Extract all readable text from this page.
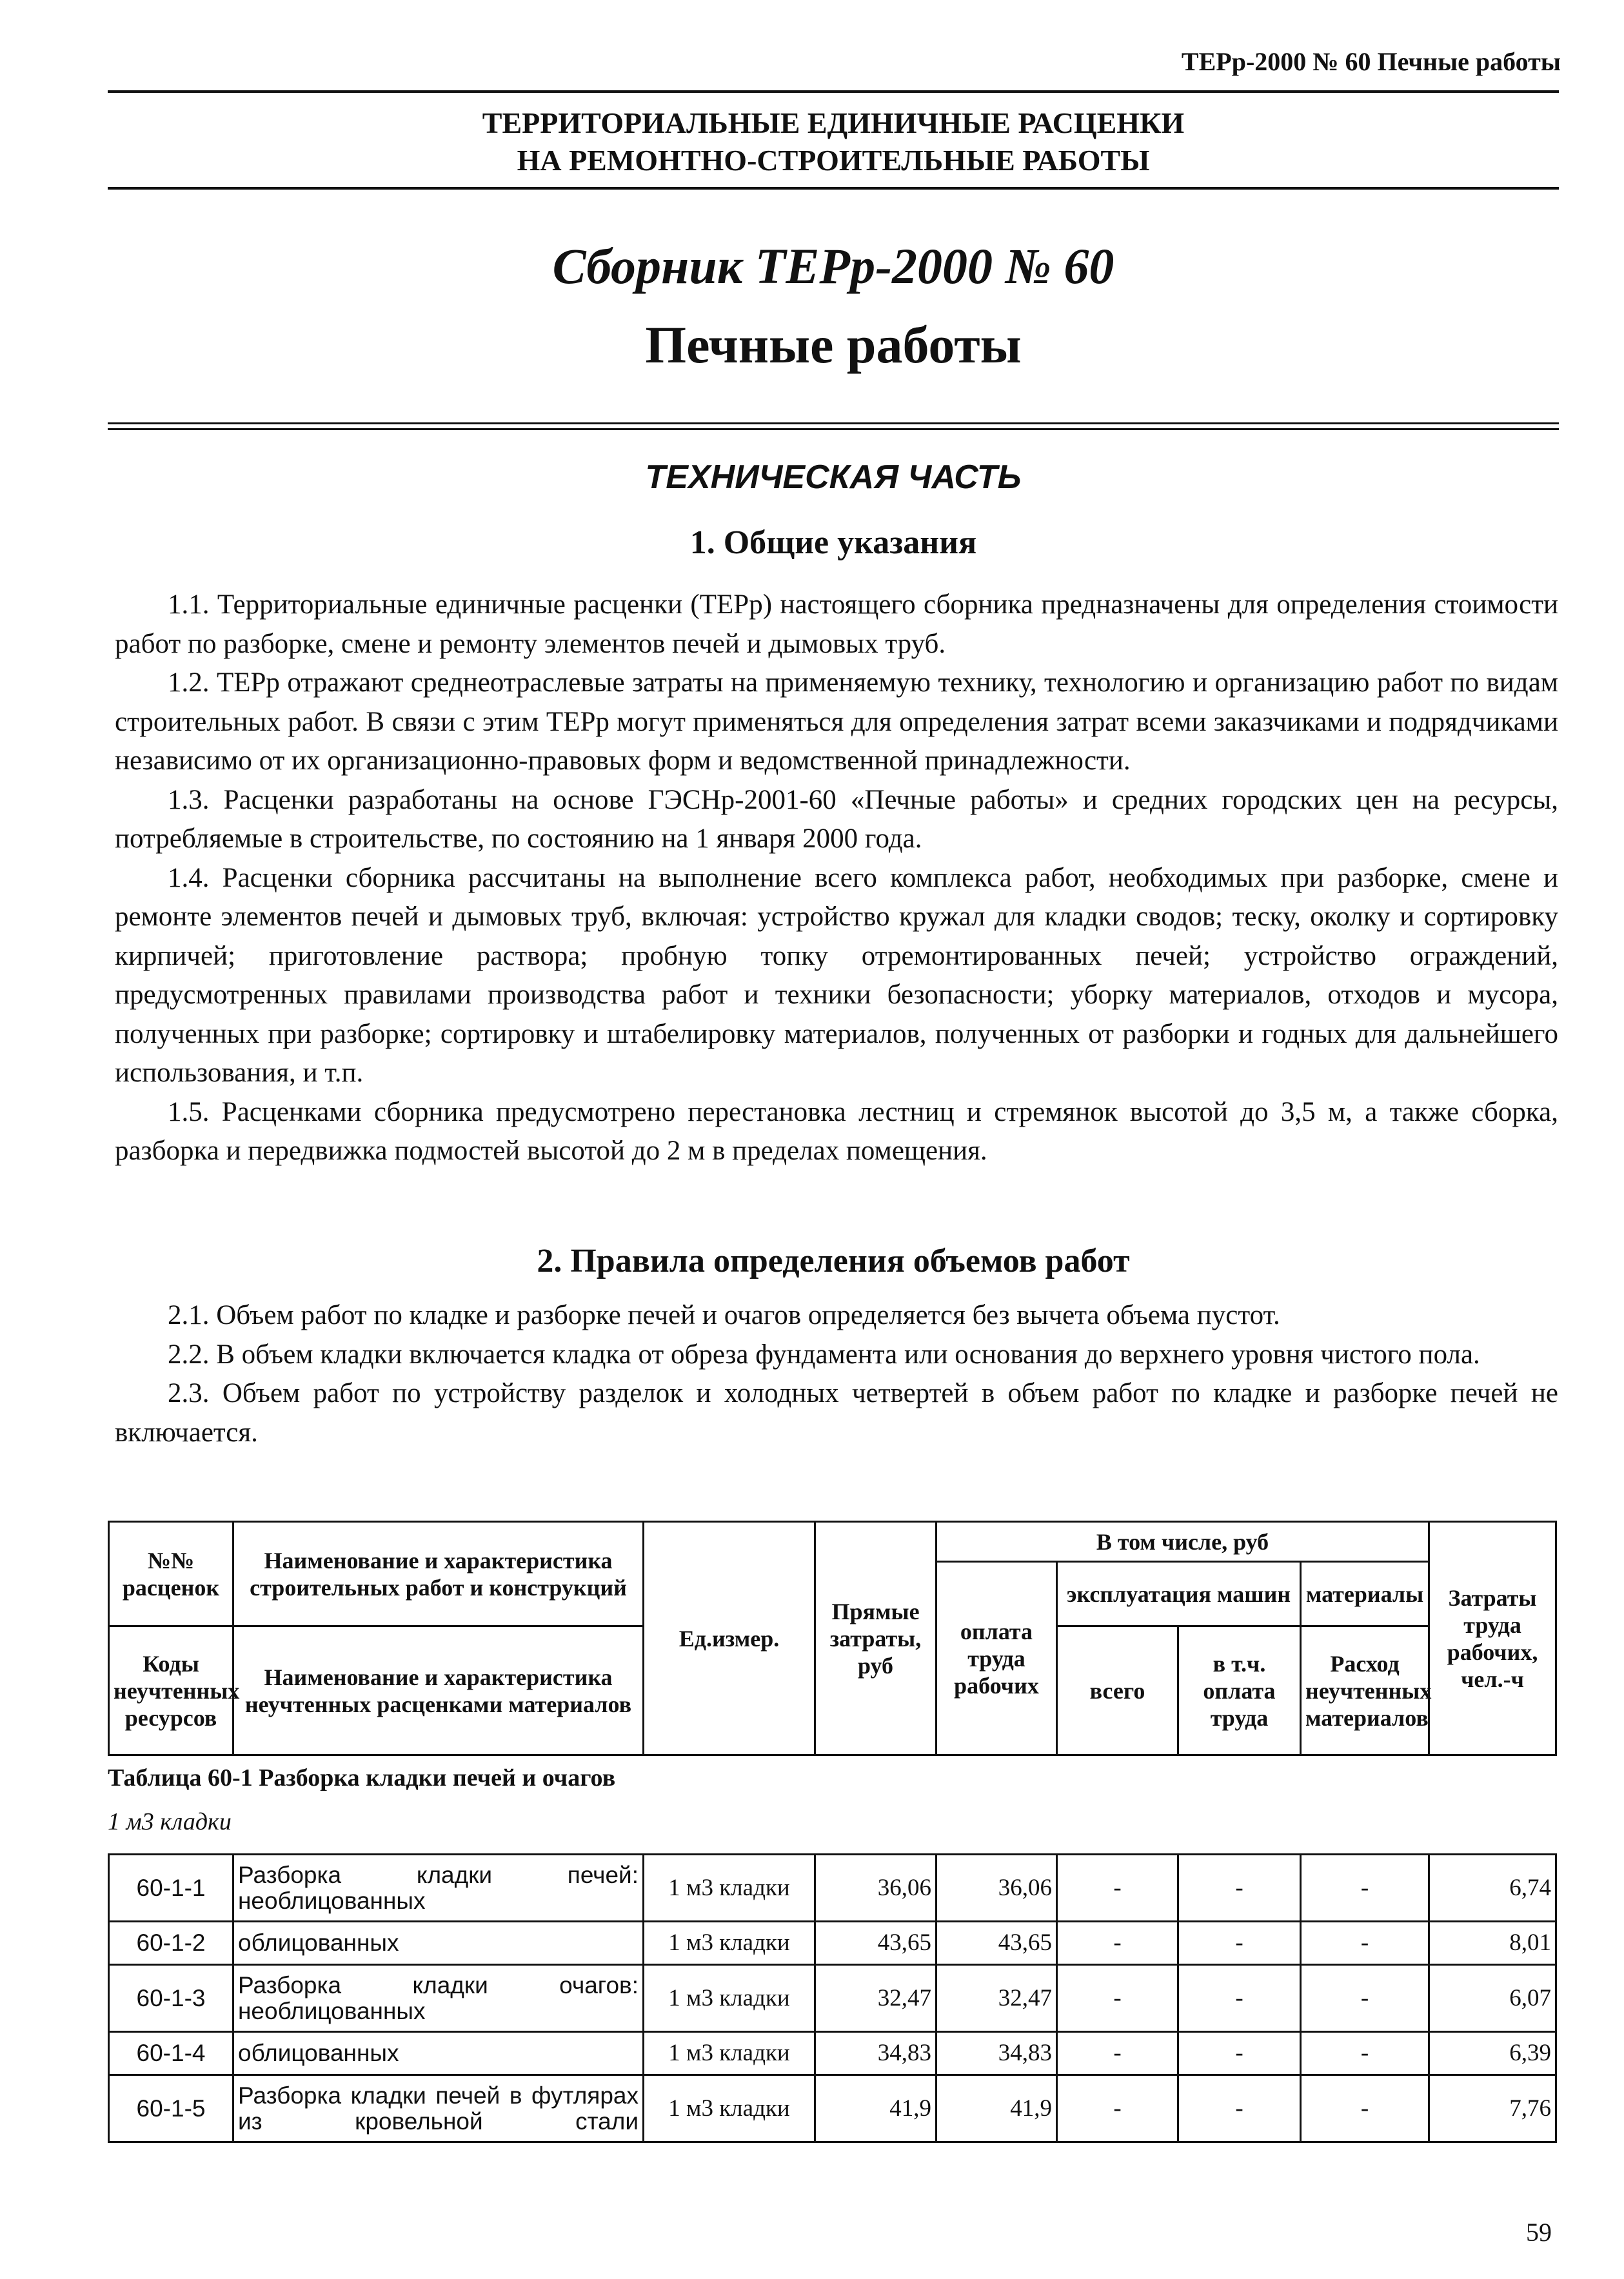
ТЕРр-2000 № 60 Печные работы
ТЕРРИТОРИАЛЬНЫЕ ЕДИНИЧНЫЕ РАСЦЕНКИ
НА РЕМОНТНО-СТРОИТЕЛЬНЫЕ РАБОТЫ
Сборник ТЕРр-2000 № 60
Печные работы
ТЕХНИЧЕСКАЯ ЧАСТЬ
1. Общие указания

1.1. Территориальные единичные расценки (ТЕРр) настоящего сборника предназначены для определения стоимости работ по разборке, смене и ремонту элементов печей и дымовых труб.

1.2. ТЕРр отражают среднеотраслевые затраты на применяемую технику, технологию и организацию работ по видам строительных работ. В связи с этим ТЕРр могут применяться для определения затрат всеми заказчиками и подрядчиками независимо от их организационно-правовых форм и ведомственной принадлежности.

1.3. Расценки разработаны на основе ГЭСНр-2001-60 «Печные работы» и средних городских цен на ресурсы, потребляемые в строительстве, по состоянию на 1 января 2000 года.

1.4. Расценки сборника рассчитаны на выполнение всего комплекса работ, необходимых при разборке, смене и ремонте элементов печей и дымовых труб, включая: устройство кружал для кладки сводов; теску, околку и сортировку кирпичей; приготовление раствора; пробную топку отремонтированных печей; устройство ограждений, предусмотренных правилами производства работ и техники безопасности; уборку материалов, отходов и мусора, полученных при разборке; сортировку и штабелировку материалов, полученных от разборки и годных для дальнейшего использования, и т.п.

1.5. Расценками сборника предусмотрено перестановка лестниц и стремянок высотой до 3,5 м, а также сборка, разборка и передвижка подмостей высотой до 2 м в пределах помещения.

2. Правила определения объемов работ

2.1. Объем работ по кладке и разборке печей и очагов определяется без вычета объема пустот.

2.2. В объем кладки включается кладка от обреза фундамента или основания до верхнего уровня чистого пола.

2.3. Объем работ по устройству разделок и холодных четвертей в объем работ по кладке и разборке печей не включается.

№№ расценок	Наименование и характеристика строительных работ и конструкций	Ед.измер.	Прямые затраты, руб	В том числе, руб				Затраты труда рабочих, чел.-ч
				оплата труда рабочих	эксплуатация машин		материалы	

Коды неучтенных ресурсов	Наименование и характеристика неучтенных расценками материалов				всего	в т.ч. оплата труда	Расход неучтенных материалов	

Таблица 60-1 Разборка кладки печей и очагов
1 м3 кладки
60-1-1	Разборка кладки печей: необлицованных	1 м3 кладки	36,06	36,06	-	-	-	6,74
60-1-2	облицованных	1 м3 кладки	43,65	43,65	-	-	-	8,01
60-1-3	Разборка кладки очагов: необлицованных	1 м3 кладки	32,47	32,47	-	-	-	6,07
60-1-4	облицованных	1 м3 кладки	34,83	34,83	-	-	-	6,39
60-1-5	Разборка кладки печей в футлярах из кровельной стали	1 м3 кладки	41,9	41,9	-	-	-	7,76
59
